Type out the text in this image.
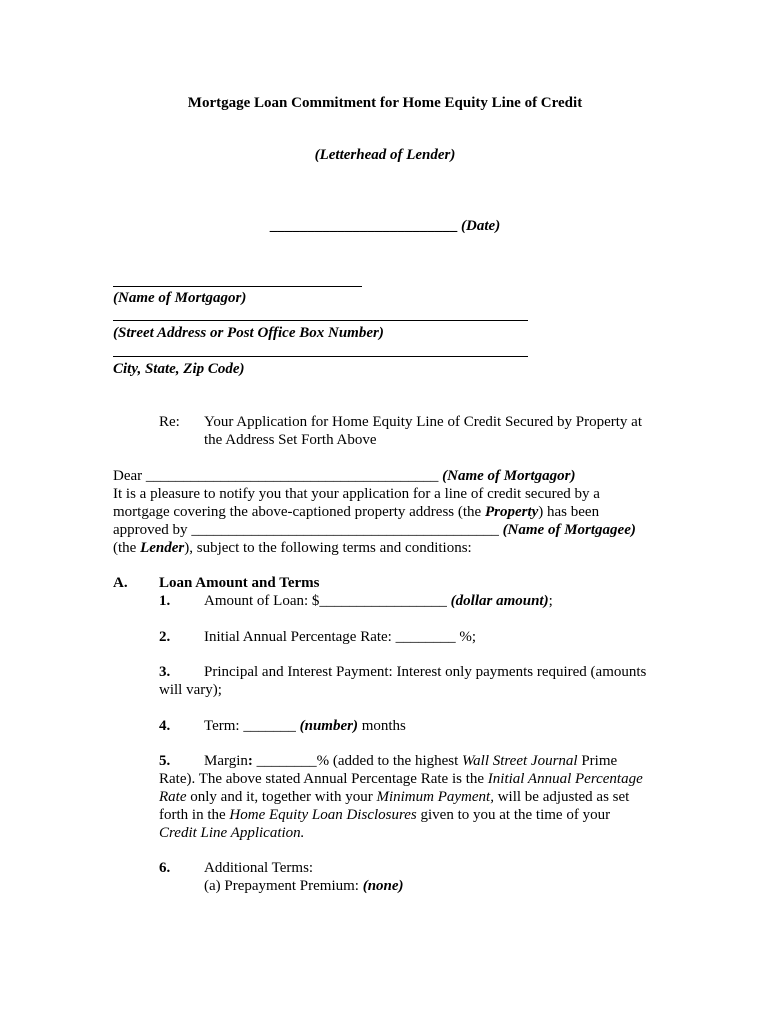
Mortgage Loan Commitment for Home Equity Line of Credit
(Letterhead of Lender)
_________________________ (Date)
(Name of Mortgagor)
(Street Address or Post Office Box Number)
City, State, Zip Code)
Re: Your Application for Home Equity Line of Credit Secured by Property at
the Address Set Forth Above
Dear _______________________________________ (Name of Mortgagor)
It is a pleasure to notify you that your application for a line of credit secured by a
mortgage covering the above-captioned property address (the Property) has been
approved by _________________________________________ (Name of Mortgagee)
(the Lender), subject to the following terms and conditions:
A. Loan Amount and Terms
1. Amount of Loan: $_________________ (dollar amount);
2. Initial Annual Percentage Rate: ________ %;
3. Principal and Interest Payment: Interest only payments required (amounts
will vary);
4. Term: _______ (number) months
5. Margin: ________% (added to the highest Wall Street Journal Prime
Rate). The above stated Annual Percentage Rate is the Initial Annual Percentage
Rate only and it, together with your Minimum Payment, will be adjusted as set
forth in the Home Equity Loan Disclosures given to you at the time of your
Credit Line Application.
6. Additional Terms:
(a) Prepayment Premium: (none)
